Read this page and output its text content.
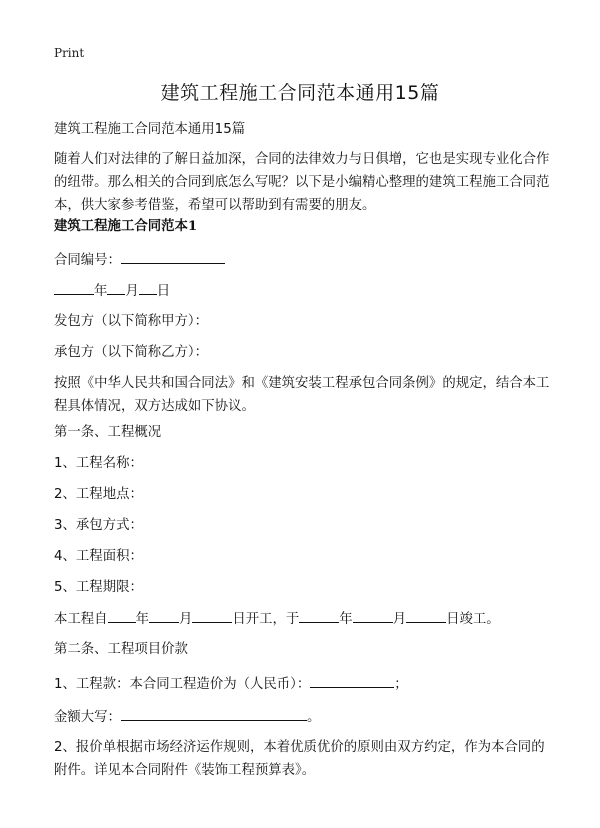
Print
建筑工程施工合同范本通用15篇
建筑工程施工合同范本通用15篇
随着人们对法律的了解日益加深，合同的法律效力与日俱增，它也是实现专业化合作的纽带。那么相关的合同到底怎么写呢？以下是小编精心整理的建筑工程施工合同范本，供大家参考借鉴，希望可以帮助到有需要的朋友。
建筑工程施工合同范本1
合同编号：
年 月 日
发包方（以下简称甲方）：
承包方（以下简称乙方）：
按照《中华人民共和国合同法》和《建筑安装工程承包合同条例》的规定，结合本工程具体情况，双方达成如下协议。
第一条、工程概况
1、工程名称：
2、工程地点：
3、承包方式：
4、工程面积：
5、工程期限：
本工程自 年 月	日开工，于	年	月	日竣工。
第二条、工程项目价款
1、工程款：本合同工程造价为（人民币）：	；
金额大写：	。
2、报价单根据市场经济运作规则，本着优质优价的原则由双方约定，作为本合同的附件。详见本合同附件《装饰工程预算表》。
